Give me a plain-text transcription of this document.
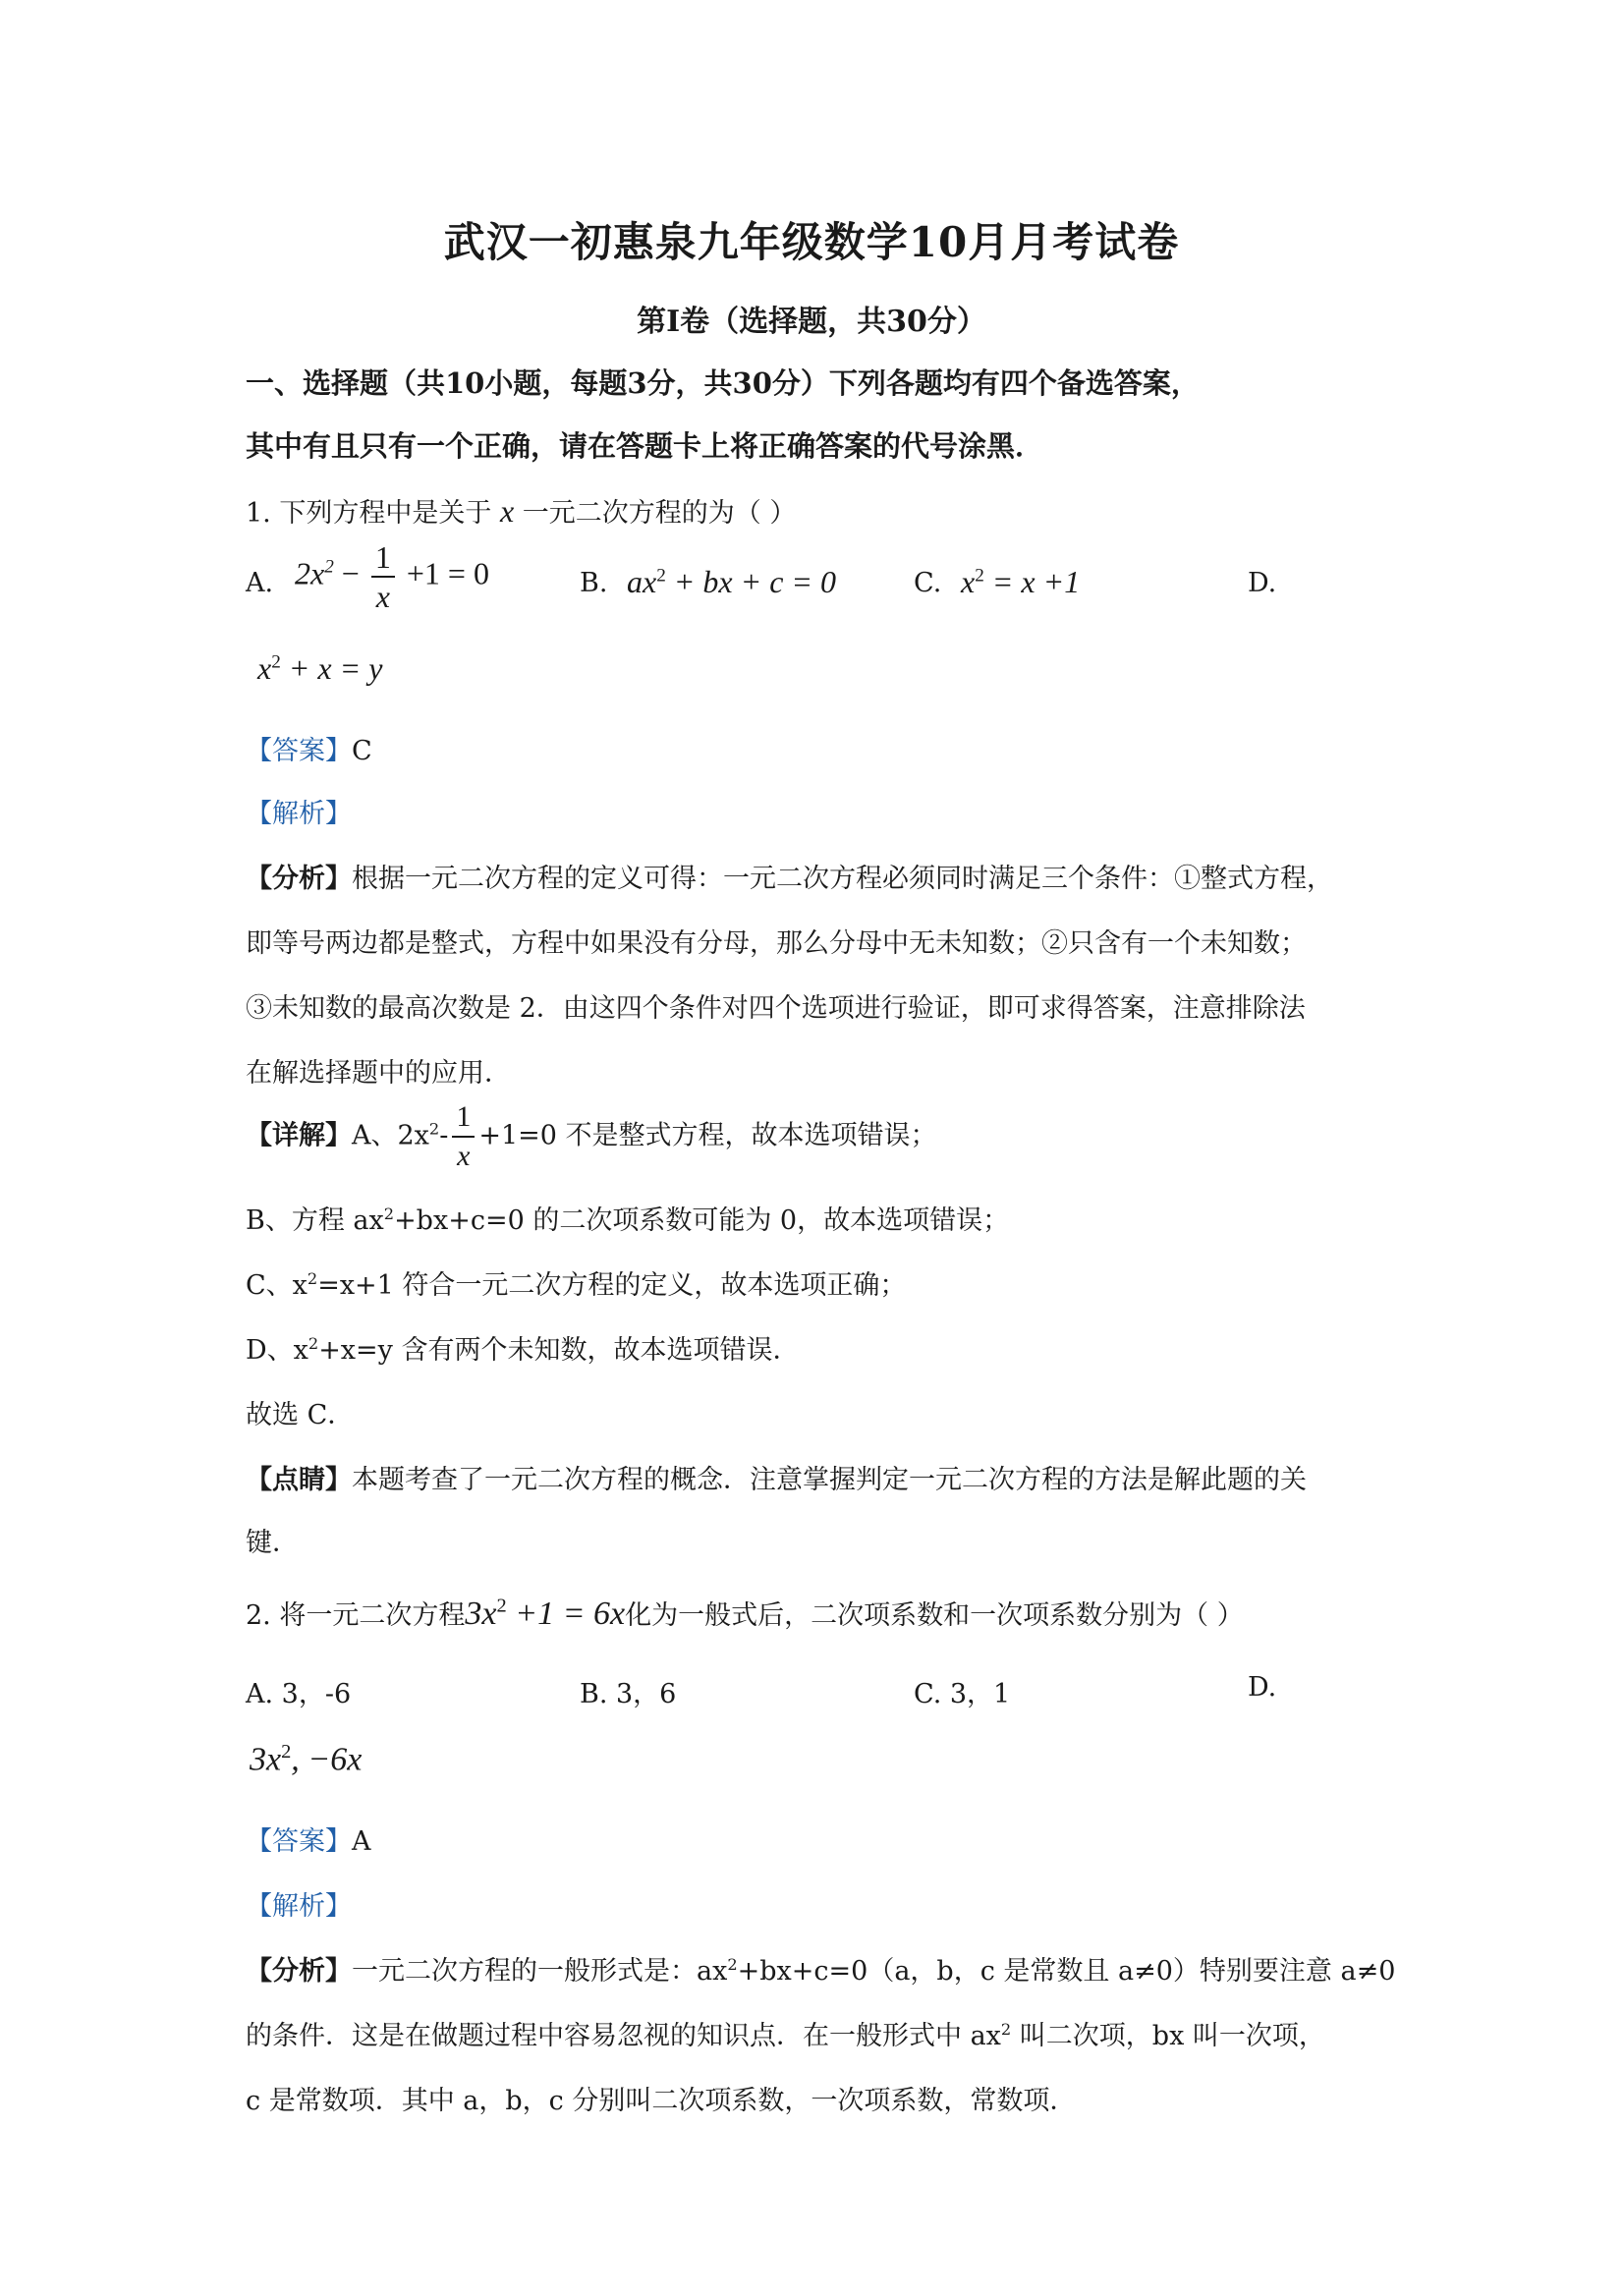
武汉一初惠泉九年级数学10月月考试卷
第Ⅰ卷（选择题，共30分）
一、选择题（共10小题，每题3分，共30分）下列各题均有四个备选答案，
其中有且只有一个正确，请在答题卡上将正确答案的代号涂黑．
1. 下列方程中是关于 x 一元二次方程的为（ ）
A. $2x^2 - \frac{1}{x} +1 = 0$	B. $ax^2$ + bx + c = 0	C. $x^2 = x +1$	D.
$x^2 + x = y$
【答案】C
【解析】
【分析】根据一元二次方程的定义可得：一元二次方程必须同时满足三个条件：①整式方程，
即等号两边都是整式，方程中如果没有分母，那么分母中无未知数；②只含有一个未知数；
③未知数的最高次数是 2．由这四个条件对四个选项进行验证，即可求得答案，注意排除法
在解选择题中的应用．
【详解】A、$2x^2- \frac{1}{x} +1=0$ 不是整式方程，故本选项错误；
B、方程 $ax^2+bx+c=0$ 的二次项系数可能为 0，故本选项错误；
C、$x^2=x+1$ 符合一元二次方程的定义，故本选项正确；
D、$x^2+x=y$ 含有两个未知数，故本选项错误．
故选 C．
【点睛】本题考查了一元二次方程的概念．注意掌握判定一元二次方程的方法是解此题的关
键．
2. 将一元二次方程$3x^2 +1 = 6x$化为一般式后，二次项系数和一次项系数分别为（ ）
A. 3，-6	B. 3，6	C. 3，1	D.
$3x^2$, −6x
【答案】A
【解析】
【分析】一元二次方程的一般形式是：$ax^2+bx+c=0(a$，b，c 是常数且 a≠0）特别要注意 a≠0
的条件．这是在做题过程中容易忽视的知识点．在一般形式中 $ax^2$ 叫二次项，bx 叫一次项，
c 是常数项．其中 a，b，c 分别叫二次项系数，一次项系数，常数项．
